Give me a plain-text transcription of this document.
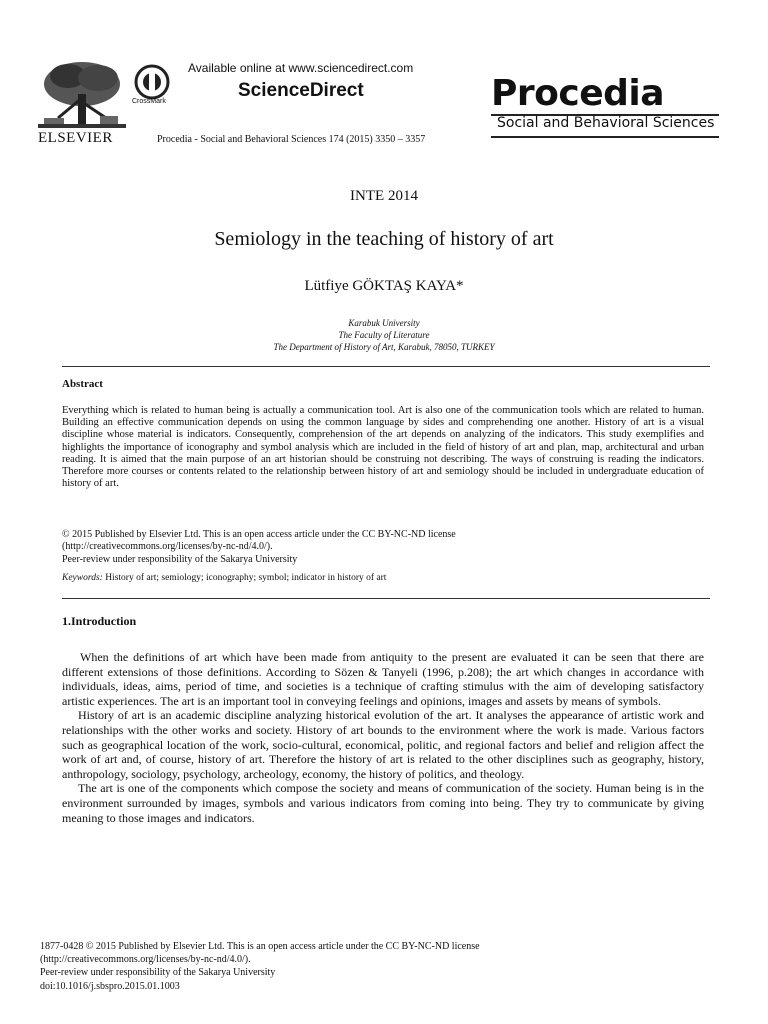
ELSEVIER
CrossMark
Available online at www.sciencedirect.com
ScienceDirect
Procedia - Social and Behavioral Sciences 174 (2015) 3350 – 3357
Procedia
Social and Behavioral Sciences
INTE 2014
Semiology in the teaching of history of art
Lütfiye GÖKTAŞ KAYA*
Karabuk University
The Faculty of Literature
The Department of History of Art, Karabuk, 78050, TURKEY
Abstract
Everything which is related to human being is actually a communication tool. Art is also one of the communication tools which are related to human. Building an effective communication depends on using the common language by sides and comprehending one another. History of art is a visual discipline whose material is indicators. Consequently, comprehension of the art depends on analyzing of the indicators. This study exemplifies and highlights the importance of iconography and symbol analysis which are included in the field of history of art and plan, map, architectural and urban reading. It is aimed that the main purpose of an art historian should be construing not describing. The ways of construing is reading the indicators. Therefore more courses or contents related to the relationship between history of art and semiology should be included in undergraduate education of history of art.
© 2015 Published by Elsevier Ltd. This is an open access article under the CC BY-NC-ND license
(http://creativecommons.org/licenses/by-nc-nd/4.0/).
Peer-review under responsibility of the Sakarya University
Keywords: History of art; semiology; iconography; symbol; indicator in history of art
1.Introduction

When the definitions of art which have been made from antiquity to the present are evaluated it can be seen that there are different extensions of those definitions. According to Sözen & Tanyeli (1996, p.208); the art which changes in accordance with individuals, ideas, aims, period of time, and societies is a technique of crafting stimulus with the aim of developing satisfactory artistic experiences. The art is an important tool in conveying feelings and opinions, images and assets by means of symbols.

History of art is an academic discipline analyzing historical evolution of the art. It analyses the appearance of artistic work and relationships with the other works and society. History of art bounds to the environment where the work is made. Various factors such as geographical location of the work, socio-cultural, economical, politic, and regional factors and belief and religion affect the work of art and, of course, history of art. Therefore the history of art is related to the other disciplines such as geography, history, anthropology, sociology, psychology, archeology, economy, the history of politics, and theology.

The art is one of the components which compose the society and means of communication of the society. Human being is in the environment surrounded by images, symbols and various indicators from coming into being. They try to communicate by giving meaning to those images and indicators.

1877-0428 © 2015 Published by Elsevier Ltd. This is an open access article under the CC BY-NC-ND license
(http://creativecommons.org/licenses/by-nc-nd/4.0/).
Peer-review under responsibility of the Sakarya University
doi:10.1016/j.sbspro.2015.01.1003
